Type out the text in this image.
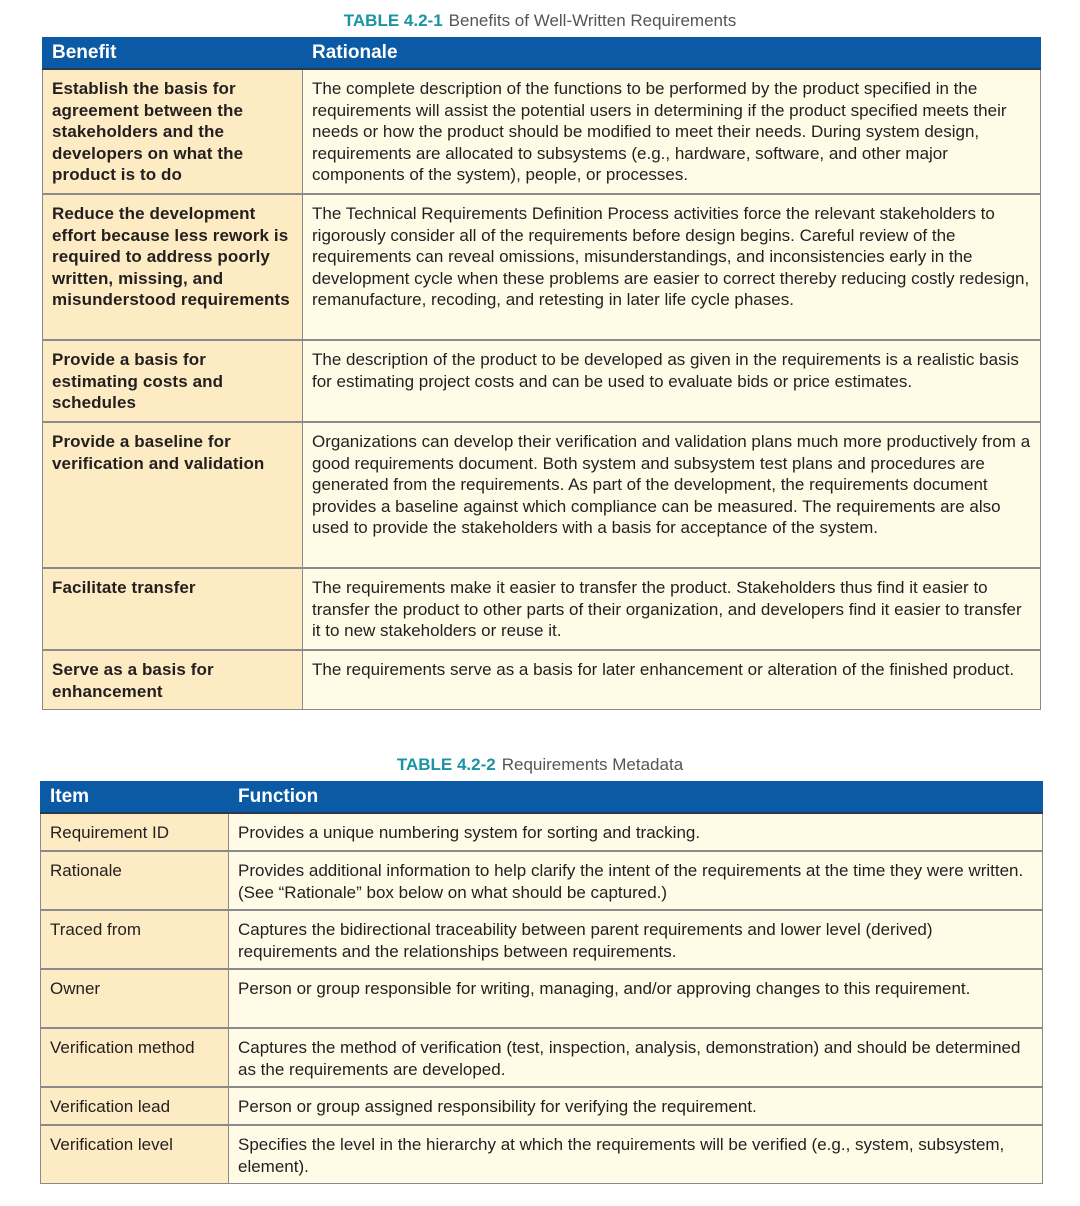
TABLE 4.2-1 Benefits of Well-Written Requirements
Benefit	Rationale
Establish the basis for agreement between the stakeholders and the developers on what the product is to do	The complete description of the functions to be performed by the product specified in the requirements will assist the potential users in determining if the product specified meets their needs or how the product should be modified to meet their needs. During system design, requirements are allocated to subsystems (e.g., hardware, software, and other major components of the system), people, or processes.
Reduce the development effort because less rework is required to address poorly written, missing, and misunderstood requirements	The Technical Requirements Definition Process activities force the relevant stakeholders to rigorously consider all of the requirements before design begins. Careful review of the requirements can reveal omissions, misunderstandings, and inconsistencies early in the development cycle when these problems are easier to correct thereby reducing costly redesign, remanufacture, recoding, and retesting in later life cycle phases.
Provide a basis for estimating costs and schedules	The description of the product to be developed as given in the requirements is a realistic basis for estimating project costs and can be used to evaluate bids or price estimates.
Provide a baseline for verification and validation	Organizations can develop their verification and validation plans much more productively from a good requirements document. Both system and subsystem test plans and procedures are generated from the requirements. As part of the development, the requirements document provides a baseline against which compliance can be measured. The requirements are also used to provide the stakeholders with a basis for acceptance of the system.
Facilitate transfer	The requirements make it easier to transfer the product. Stakeholders thus find it easier to transfer the product to other parts of their organization, and developers find it easier to transfer it to new stakeholders or reuse it.
Serve as a basis for enhancement	The requirements serve as a basis for later enhancement or alteration of the finished product.
TABLE 4.2-2 Requirements Metadata
Item	Function
Requirement ID	Provides a unique numbering system for sorting and tracking.
Rationale	Provides additional information to help clarify the intent of the requirements at the time they were written. (See “Rationale” box below on what should be captured.)
Traced from	Captures the bidirectional traceability between parent requirements and lower level (derived) requirements and the relationships between requirements.
Owner	Person or group responsible for writing, managing, and/or approving changes to this requirement.
Verification method	Captures the method of verification (test, inspection, analysis, demonstration) and should be determined as the requirements are developed.
Verification lead	Person or group assigned responsibility for verifying the requirement.
Verification level	Specifies the level in the hierarchy at which the requirements will be verified (e.g., system, subsystem, element).
